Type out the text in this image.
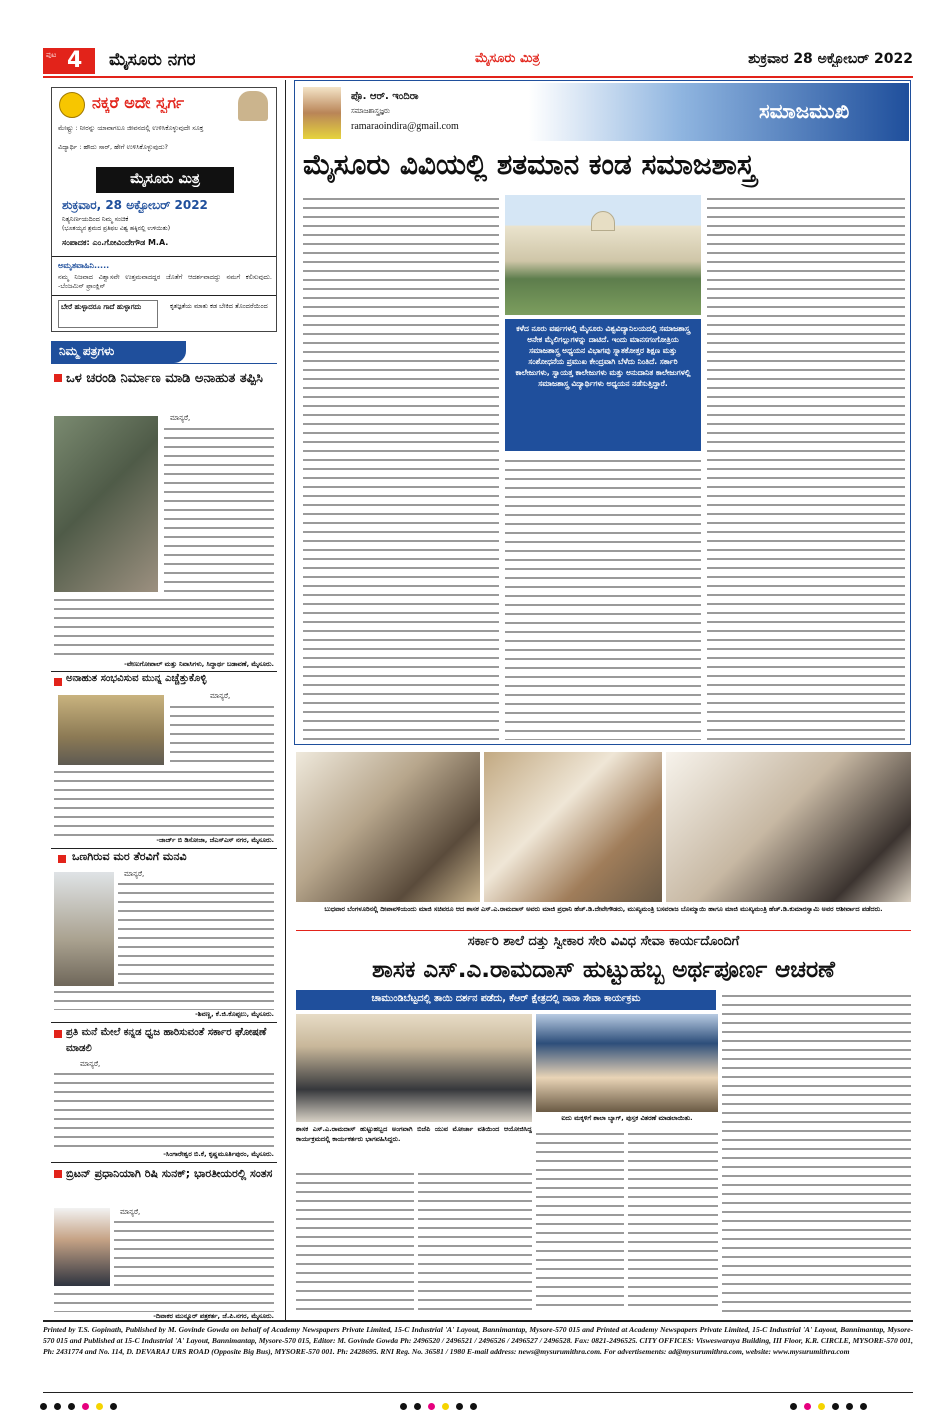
ಪುಟ 4 ಮೈಸೂರು ನಗರ	ಮೈಸೂರು ಮಿತ್ರ	ಶುಕ್ರವಾರ 28 ಅಕ್ಟೋಬರ್ 2022
ನಕ್ಕರೆ ಅದೇ ಸ್ವರ್ಗ
ಮೇಷ್ಟ್ರು : ನೀರನ್ನು ಯಾವಾಗಲೂ ಜೀವನದಲ್ಲಿ ಉಳಿಸಿಕೊಳ್ಳುವುದೇ ಸೂಕ್ತ
ವಿದ್ಯಾರ್ಥಿ : ಹೌದು ಸಾರ್, ಹೇಗೆ ಉಳಿಸಿಕೊಳ್ಳುವುದು?
ಮೈಸೂರು ಮಿತ್ರ
ಶುಕ್ರವಾರ, 28 ಅಕ್ಟೋಬರ್ 2022
ನಿತ್ಯನಿರ್ಣಯದಿಂದ ನಿಮ್ಮ ಸಂಚಿಕೆ
(ಭೂತಯ್ಯನ ಶ್ರಮದ ಪ್ರತಿಫಲ ವಿಶ್ವ ಹಕ್ಕಿನಲ್ಲಿ ಉಳಿಯಿತು)
ಸಂಪಾದಕ: ಎಂ.ಗೋವಿಂದೇಗೌಡ M.A.
ಅಮೃತವಾಹಿನಿ.....
ನಮ್ಮ ನಿಜವಾದ ವಿಶ್ವಾಸವೇ ಉತ್ತಮವಾದದ್ದರ ಜೊತೆಗೆ ಆದರ್ಶವಾದದ್ದು ನಮಗೆ ಕಲಿಸುವುದು. -ಬೆಂಜಮಿನ್ ಫ್ರಾಂಕ್ಲಿನ್
ಬೇರೆ ಹುಳ್ಳಾದರೂ ಗಾದೆ ಹುಳ್ಳಾಗದು	ಕೃತಜ್ಞತೆಯ ಮಾತು ಕಡ ಬೇಕಿದ ತೊಂದರೆಯಿಂದ
ನಿಮ್ಮ ಪತ್ರಗಳು
ಒಳ ಚರಂಡಿ ನಿರ್ಮಾಣ ಮಾಡಿ ಅನಾಹುತ ತಪ್ಪಿಸಿ
ಮಾನ್ಯರೆ,
-ವೇಣುಗೋಪಾಲ್ ಮತ್ತು ನಿವಾಸಿಗಳು, ಸಿದ್ಧಾರ್ಥ ಬಡಾವಣೆ, ಮೈಸೂರು.
ಅನಾಹುತ ಸಂಭವಿಸುವ ಮುನ್ನ ಎಚ್ಚೆತ್ತುಕೊಳ್ಳಿ
ಮಾನ್ಯರೆ,
-ಜಾರ್ಜ್ ಬಿ ಡಿಸೋಜಾ, ಜೆಎಸ್ಎಸ್ ನಗರ, ಮೈಸೂರು.
ಒಣಗಿರುವ ಮರ ತೆರವಿಗೆ ಮನವಿ
ಮಾನ್ಯರೆ,
-ಶಿವಣ್ಣ, ಕೆ.ಜಿ.ಕೊಪ್ಪಲು, ಮೈಸೂರು.
ಪ್ರತಿ ಮನೆ ಮೇಲೆ ಕನ್ನಡ ಧ್ವಜ ಹಾರಿಸುವಂತೆ ಸರ್ಕಾರ ಘೋಷಣೆ ಮಾಡಲಿ
ಮಾನ್ಯರೆ,
-ಸಿಂಗಾರೇಶ್ವರ ಬಿ.ಕೆ, ಕೃಷ್ಣಮೂರ್ತಿಪುರಂ, ಮೈಸೂರು.
ಬ್ರಿಟನ್ ಪ್ರಧಾನಿಯಾಗಿ ರಿಷಿ ಸುನಕ್; ಭಾರತೀಯರಲ್ಲಿ ಸಂತಸ
ಮಾನ್ಯರೆ,
-ದಿವಾಕರ ಮುನ್ನೂರ್ ಪತ್ರಕರ್ತ, ಜೆ.ಪಿ.ನಗರ, ಮೈಸೂರು.
ಪ್ರೊ. ಆರ್. ಇಂದಿರಾ
ಸಮಾಜಶಾಸ್ತ್ರಜ್ಞರು
ramaraoindira@gmail.com
ಸಮಾಜಮುಖಿ
ಮೈಸೂರು ವಿವಿಯಲ್ಲಿ ಶತಮಾನ ಕಂಡ ಸಮಾಜಶಾಸ್ತ್ರ
ಕಳೆದ ನೂರು ವರ್ಷಗಳಲ್ಲಿ ಮೈಸೂರು ವಿಶ್ವವಿದ್ಯಾನಿಲಯದಲ್ಲಿ ಸಮಾಜಶಾಸ್ತ್ರ ಅನೇಕ ಮೈಲಿಗಲ್ಲುಗಳನ್ನು ದಾಟಿದೆ. ಇಂದು ಮಾನಸಗಂಗೋತ್ರಿಯ ಸಮಾಜಶಾಸ್ತ್ರ ಅಧ್ಯಯನ ವಿಭಾಗವು ಸ್ನಾತಕೋತ್ತರ ಶಿಕ್ಷಣ ಮತ್ತು ಸಂಶೋಧನೆಯ ಪ್ರಮುಖ ಕೇಂದ್ರವಾಗಿ ಬೆಳೆದು ನಿಂತಿದೆ. ಸರ್ಕಾರಿ ಕಾಲೇಜುಗಳು, ಸ್ವಾಯತ್ತ ಕಾಲೇಜುಗಳು ಮತ್ತು ಅನುದಾನಿತ ಕಾಲೇಜುಗಳಲ್ಲಿ ಸಮಾಜಶಾಸ್ತ್ರ ವಿದ್ಯಾರ್ಥಿಗಳು ಅಧ್ಯಯನ ನಡೆಸುತ್ತಿದ್ದಾರೆ.
ಬುಧವಾರ ಬೆಂಗಳೂರಿನಲ್ಲಿ ದೀಪಾವಳಿಯಂದು ಮಾಜಿ ಸಚಿವರೂ ಆದ ಶಾಸಕ ಎಸ್.ಎ.ರಾಮದಾಸ್ ಅವರು ಮಾಜಿ ಪ್ರಧಾನಿ ಹೆಚ್.ಡಿ.ದೇವೇಗೌಡರು, ಮುಖ್ಯಮಂತ್ರಿ ಬಸವರಾಜ ಬೊಮ್ಮಾಯಿ ಹಾಗೂ ಮಾಜಿ ಮುಖ್ಯಮಂತ್ರಿ ಹೆಚ್.ಡಿ.ಕುಮಾರಸ್ವಾಮಿ ಅವರ ಆಶೀರ್ವಾದ ಪಡೆದರು.
ಸರ್ಕಾರಿ ಶಾಲೆ ದತ್ತು ಸ್ವೀಕಾರ ಸೇರಿ ವಿವಿಧ ಸೇವಾ ಕಾರ್ಯದೊಂದಿಗೆ
ಶಾಸಕ ಎಸ್.ಎ.ರಾಮದಾಸ್ ಹುಟ್ಟುಹಬ್ಬ ಅರ್ಥಪೂರ್ಣ ಆಚರಣೆ
ಚಾಮುಂಡಿಬೆಟ್ಟದಲ್ಲಿ ತಾಯಿ ದರ್ಶನ ಪಡೆದು, ಕೆಆರ್ ಕ್ಷೇತ್ರದಲ್ಲಿ ನಾನಾ ಸೇವಾ ಕಾರ್ಯಕ್ರಮ
ಶಾಸಕ ಎಸ್.ಎ.ರಾಮದಾಸ್ ಹುಟ್ಟುಹಬ್ಬದ ಅಂಗವಾಗಿ ಬಿಜೆಪಿ ಯುವ ಮೋರ್ಚಾ ವತಿಯಿಂದ ಆಯೋಜಿಸಿದ್ದ ಕಾರ್ಯಕ್ರಮದಲ್ಲಿ ಕಾರ್ಯಕರ್ತರು ಭಾಗವಹಿಸಿದ್ದರು.
ಐದು ಮಕ್ಕಳಿಗೆ ಶಾಲಾ ಬ್ಯಾಗ್, ಪುಸ್ತಕ ವಿತರಣೆ ಮಾಡಲಾಯಿತು.
Printed by T.S. Gopinath, Published by M. Govinde Gowda on behalf of Academy Newspapers Private Limited, 15-C Industrial 'A' Layout, Bannimantap, Mysore-570 015 and Printed at Academy Newspapers Private Limited, 15-C Industrial 'A' Layout, Bannimantap, Mysore-570 015 and Published at 15-C Industrial 'A' Layout, Bannimantap, Mysore-570 015, Editor: M. Govinde Gowda Ph: 2496520 / 2496521 / 2496526 / 2496527 / 2496528. Fax: 0821-2496525. CITY OFFICES: Visweswaraya Building, III Floor, K.R. CIRCLE, MYSORE-570 001, Ph: 2431774 and No. 114, D. DEVARAJ URS ROAD (Opposite Big Bus), MYSORE-570 001. Ph: 2428695. RNI Reg. No. 36581 / 1980 E-mail address: news@mysurumithra.com. For advertisements: ad@mysurumithra.com, website: www.mysurumithra.com
